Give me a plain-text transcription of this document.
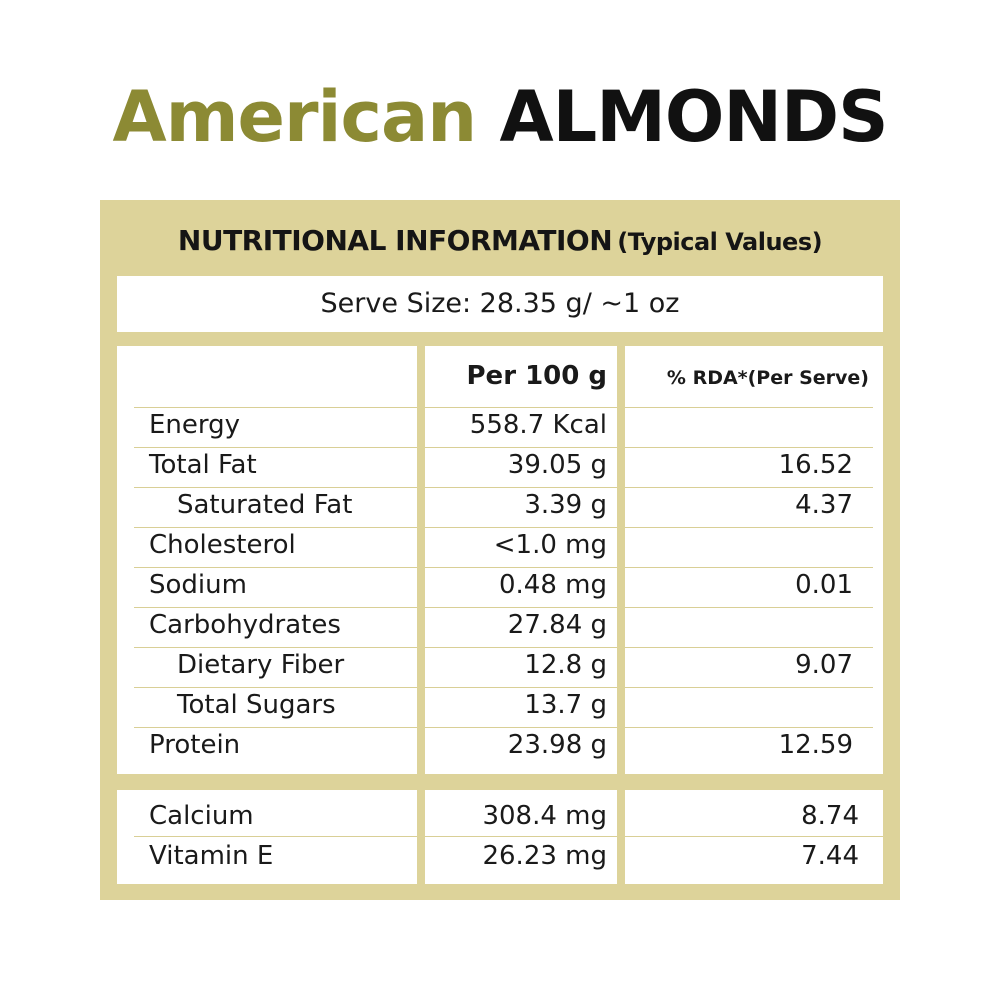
American ALMONDS
NUTRITIONAL INFORMATION (Typical Values)
Serve Size: 28.35 g/ ~1 oz
Energy
Total Fat
Saturated Fat
Cholesterol
Sodium
Carbohydrates
Dietary Fiber
Total Sugars
Protein
Per 100 g
558.7 Kcal
39.05 g
3.39 g
<1.0 mg
0.48 mg
27.84 g
12.8 g
13.7 g
23.98 g
% RDA*(Per Serve)
16.52
4.37
0.01
9.07
12.59
Calcium
Vitamin E
308.4 mg
26.23 mg
8.74
7.44
